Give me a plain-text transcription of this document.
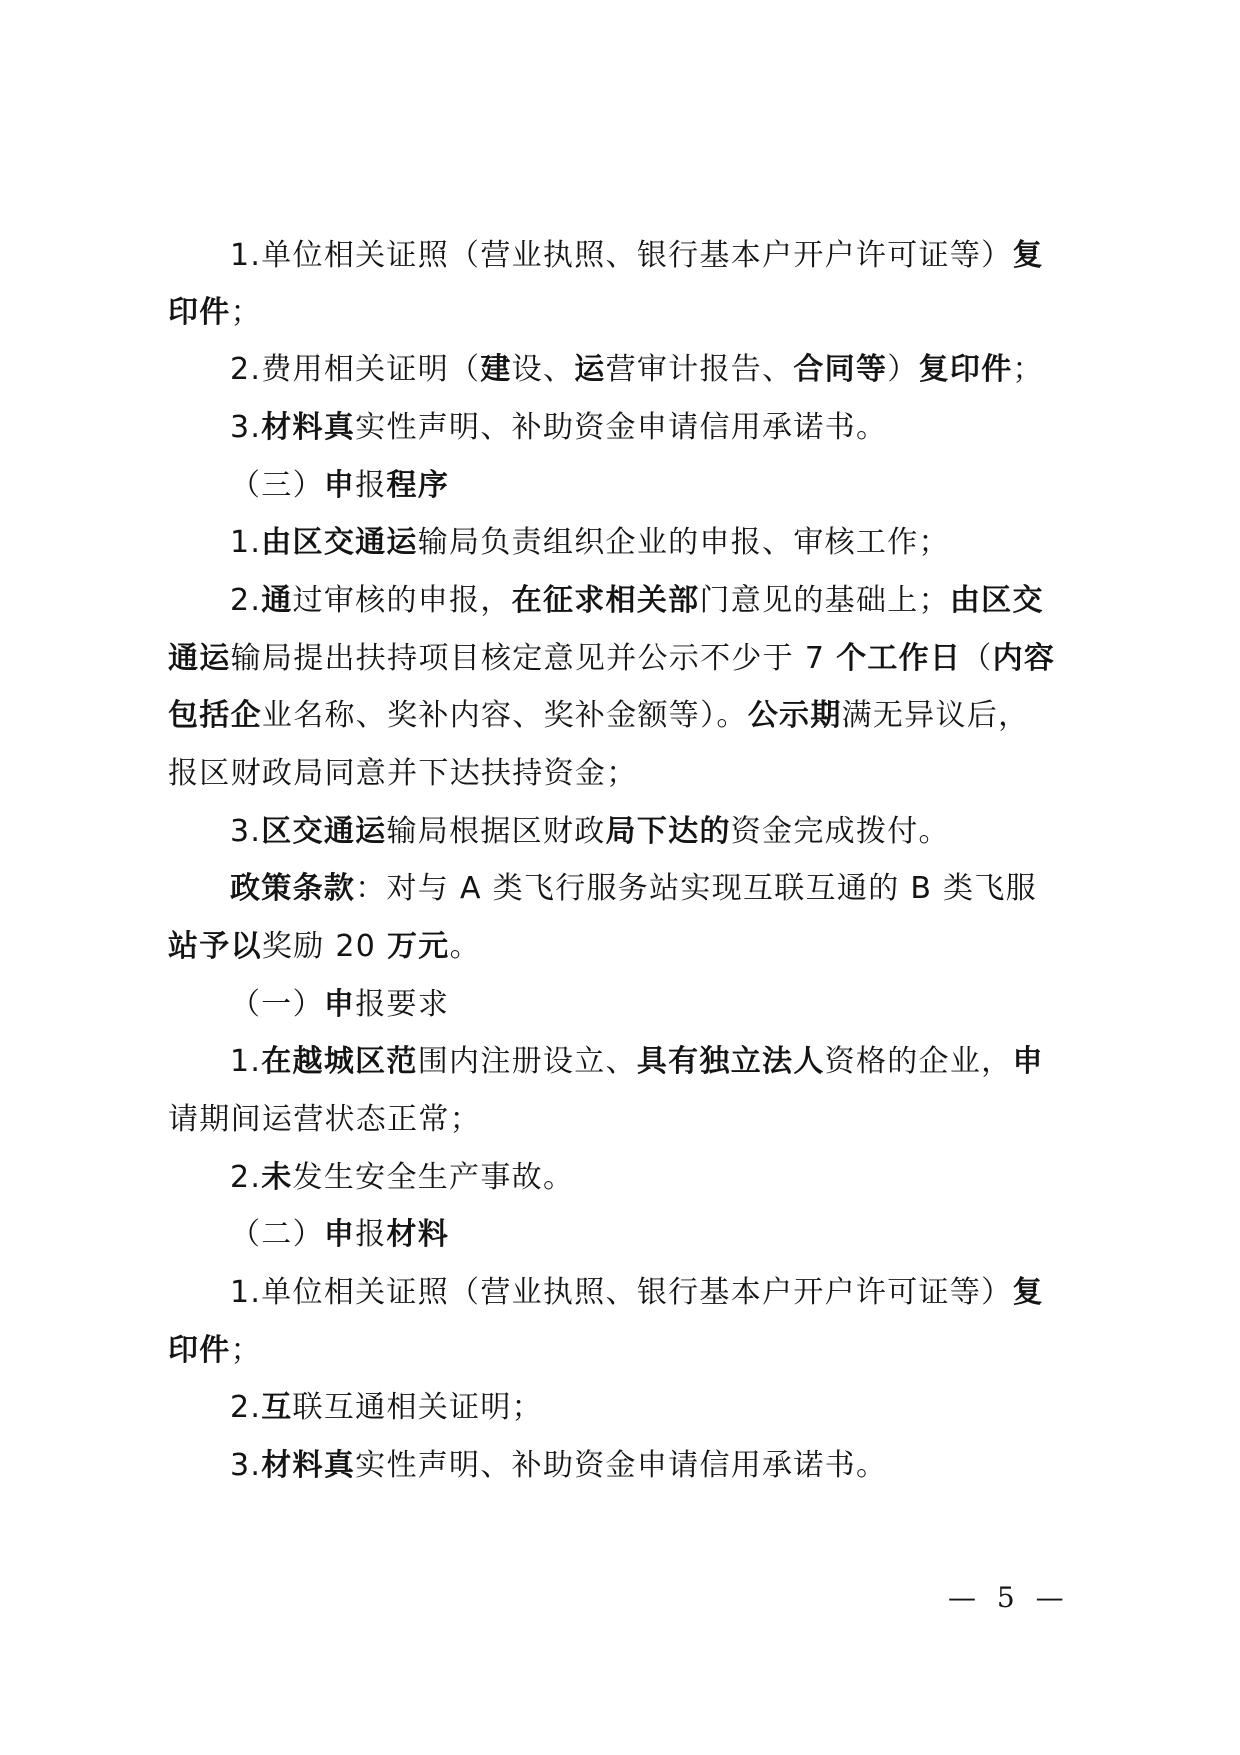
1.单位相关证照（营业执照、银行基本户开户许可证等）复
印件；
2.费用相关证明（建设、运营审计报告、合同等）复印件；
3.材料真实性声明、补助资金申请信用承诺书。
（三）申报程序
1.由区交通运输局负责组织企业的申报、审核工作；
2.通过审核的申报，在征求相关部门意见的基础上；由区交
通运输局提出扶持项目核定意见并公示不少于 7 个工作日（内容
包括企业名称、奖补内容、奖补金额等）。公示期满无异议后，
报区财政局同意并下达扶持资金；
3.区交通运输局根据区财政局下达的资金完成拨付。
政策条款：对与 A 类飞行服务站实现互联互通的 B 类飞服
站予以奖励 20 万元。
（一）申报要求
1.在越城区范围内注册设立、具有独立法人资格的企业，申
请期间运营状态正常；
2.未发生安全生产事故。
（二）申报材料
1.单位相关证照（营业执照、银行基本户开户许可证等）复
印件；
2.互联互通相关证明；
3.材料真实性声明、补助资金申请信用承诺书。
— 5 —
